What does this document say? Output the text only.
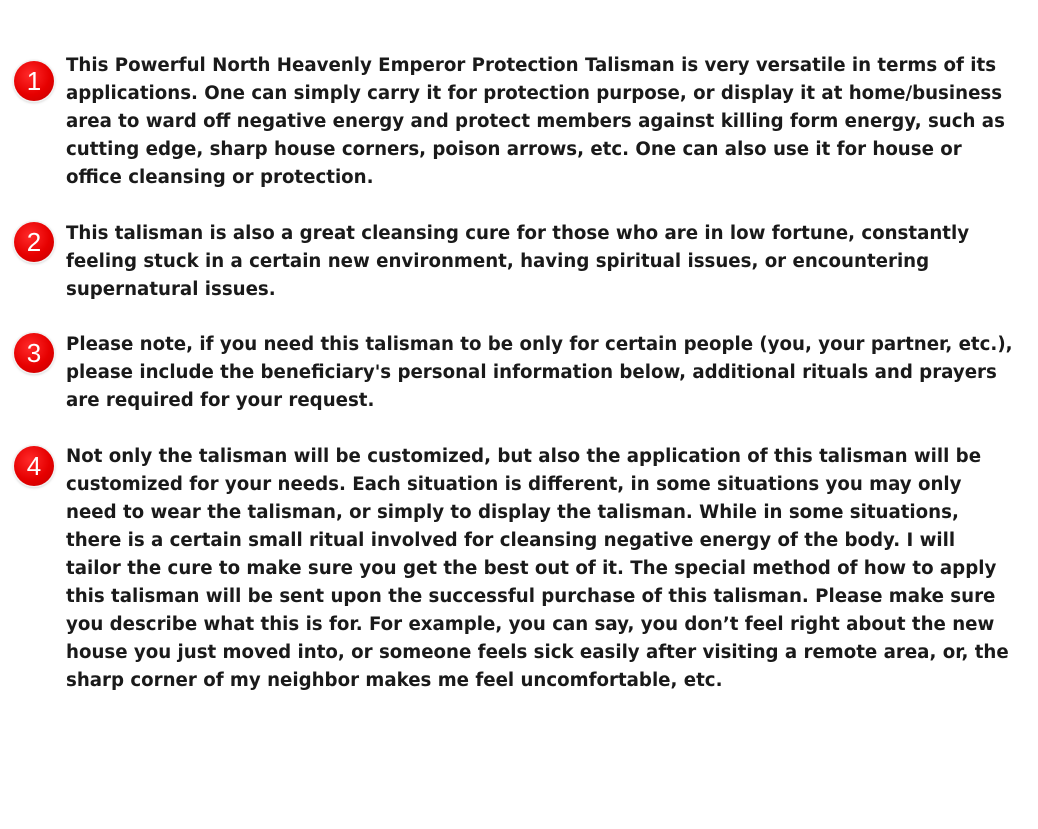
1

This Powerful North Heavenly Emperor Protection Talisman is very versatile in terms of its applications. One can simply carry it for protection purpose, or display it at home/business area to ward off negative energy and protect members against killing form energy, such as cutting edge, sharp house corners, poison arrows, etc. One can also use it for house or office cleansing or protection.

2	This talisman is also a great cleansing cure for those who are in low fortune, constantly feeling stuck in a certain new environment, having spiritual issues, or encountering supernatural issues.

3	Please note, if you need this talisman to be only for certain people (you, your partner, etc.), please include the beneficiary's personal information below, additional rituals and prayers are required for your request.

4	Not only the talisman will be customized, but also the application of this talisman will be customized for your needs. Each situation is different, in some situations you may only need to wear the talisman, or simply to display the talisman. While in some situations, there is a certain small ritual involved for cleansing negative energy of the body. I will tailor the cure to make sure you get the best out of it. The special method of how to apply this talisman will be sent upon the successful purchase of this talisman. Please make sure you describe what this is for. For example, you can say, you don’t feel right about the new house you just moved into, or someone feels sick easily after visiting a remote area, or, the sharp corner of my neighbor makes me feel uncomfortable, etc.
